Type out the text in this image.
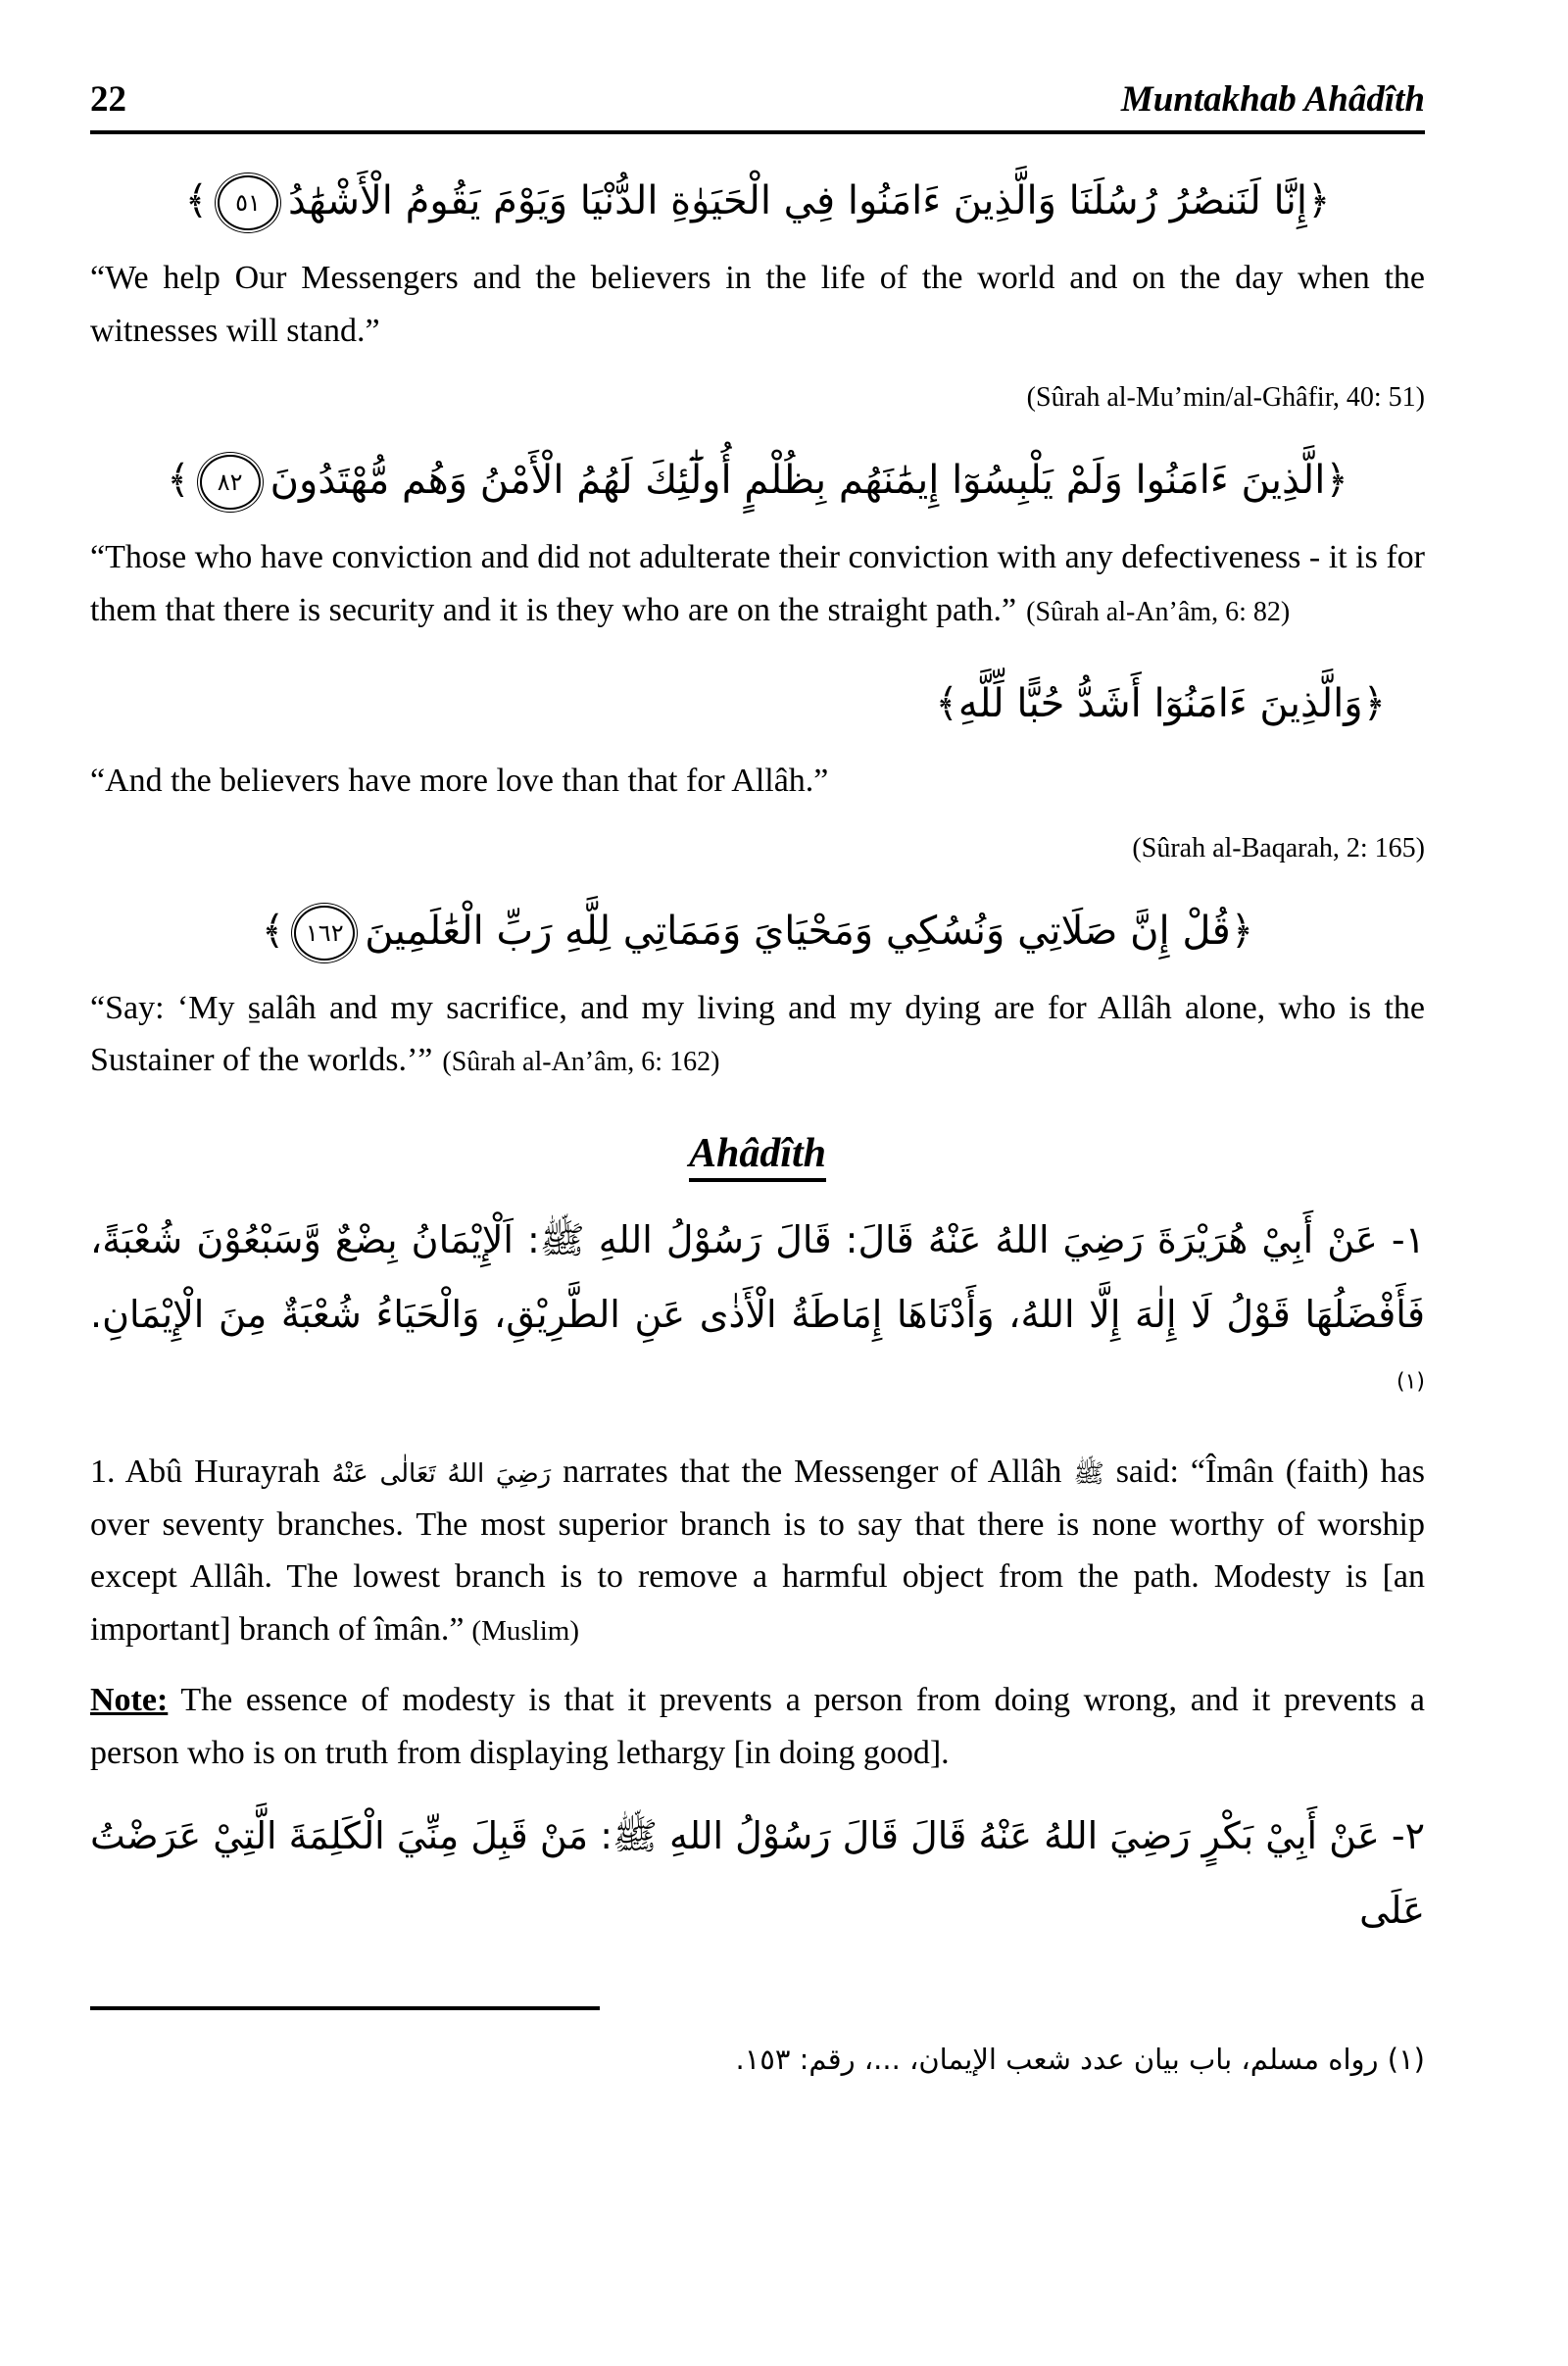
22	Muntakhab Ahâdîth

﴿إِنَّا لَنَنصُرُ رُسُلَنَا وَالَّذِينَ ءَامَنُوا فِي الْحَيَوٰةِ الدُّنْيَا وَيَوْمَ يَقُومُ الْأَشْهَٰدُ٥١﴾

“We help Our Messengers and the believers in the life of the world and on the day when the witnesses will stand.”

(Sûrah al-Mu’min/al-Ghâfir, 40: 51)

﴿الَّذِينَ ءَامَنُوا وَلَمْ يَلْبِسُوٓا إِيمَٰنَهُم بِظُلْمٍ أُولَٰٓئِكَ لَهُمُ الْأَمْنُ وَهُم مُّهْتَدُونَ٨٢﴾

“Those who have conviction and did not adulterate their conviction with any defectiveness - it is for them that there is security and it is they who are on the straight path.” (Sûrah al-An’âm, 6: 82)

﴿وَالَّذِينَ ءَامَنُوٓا أَشَدُّ حُبًّا لِّلَّهِ﴾

“And the believers have more love than that for Allâh.”

(Sûrah al-Baqarah, 2: 165)

﴿قُلْ إِنَّ صَلَاتِي وَنُسُكِي وَمَحْيَايَ وَمَمَاتِي لِلَّهِ رَبِّ الْعَٰلَمِينَ١٦٢﴾

“Say: ‘My s̱alâh and my sacrifice, and my living and my dying are for Allâh alone, who is the Sustainer of the worlds.’” (Sûrah al-An’âm, 6: 162)

Ahâdîth

١- عَنْ أَبِيْ هُرَيْرَةَ رَضِيَ اللهُ عَنْهُ قَالَ: قَالَ رَسُوْلُ اللهِ ﷺ: اَلْإِيْمَانُ بِضْعٌ وَّسَبْعُوْنَ شُعْبَةً، فَأَفْضَلُهَا قَوْلُ لَا إِلٰهَ إِلَّا اللهُ، وَأَدْنَاهَا إِمَاطَةُ الْأَذٰى عَنِ الطَّرِيْقِ، وَالْحَيَاءُ شُعْبَةٌ مِنَ الْإِيْمَانِ. $^{(١)}$

1. Abû Hurayrah رَضِيَ اللهُ تَعَالٰى عَنْهُ narrates that the Messenger of Allâh ﷺ said: “Îmân (faith) has over seventy branches. The most superior branch is to say that there is none worthy of worship except Allâh. The lowest branch is to remove a harmful object from the path. Modesty is [an important] branch of îmân.” (Muslim)

Note: The essence of modesty is that it prevents a person from doing wrong, and it prevents a person who is on truth from displaying lethargy [in doing good].

٢- عَنْ أَبِيْ بَكْرٍ رَضِيَ اللهُ عَنْهُ قَالَ قَالَ رَسُوْلُ اللهِ ﷺ: مَنْ قَبِلَ مِنِّيَ الْكَلِمَةَ الَّتِيْ عَرَضْتُ عَلَى

(١) رواه مسلم، باب بيان عدد شعب الإيمان، ...، رقم: ١٥٣.
